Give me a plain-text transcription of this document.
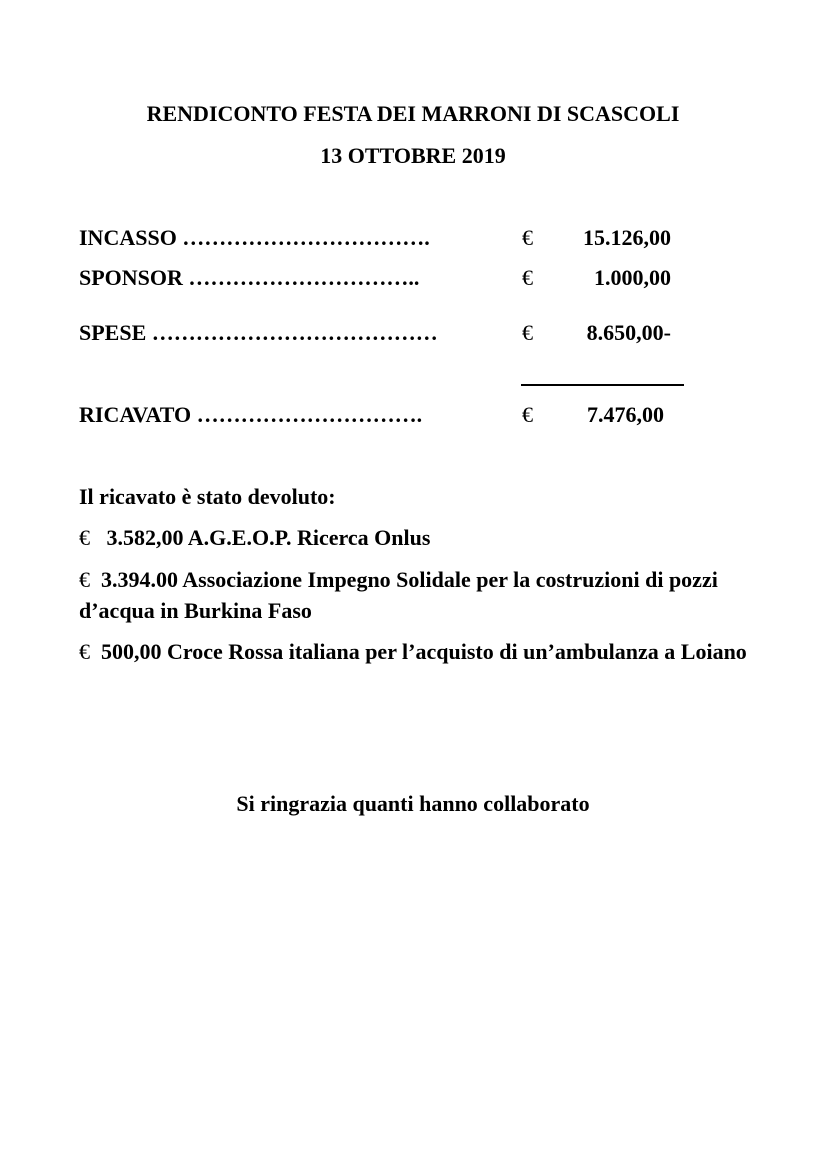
RENDICONTO FESTA DEI MARRONI DI SCASCOLI
13 OTTOBRE 2019
INCASSO …………………………….	€ 15.126,00
SPONSOR …………………………..	€	1.000,00
SPESE …………………………………	€ 8.650,00-
RICAVATO ………………………….	€ 7.476,00
Il ricavato è stato devoluto:
€ 3.582,00 A.G.E.O.P. Ricerca Onlus
€ 3.394.00 Associazione Impegno Solidale per la costruzioni di pozzi d’acqua in Burkina Faso
€ 500,00 Croce Rossa italiana per l’acquisto di un’ambulanza a Loiano
Si ringrazia quanti hanno collaborato
